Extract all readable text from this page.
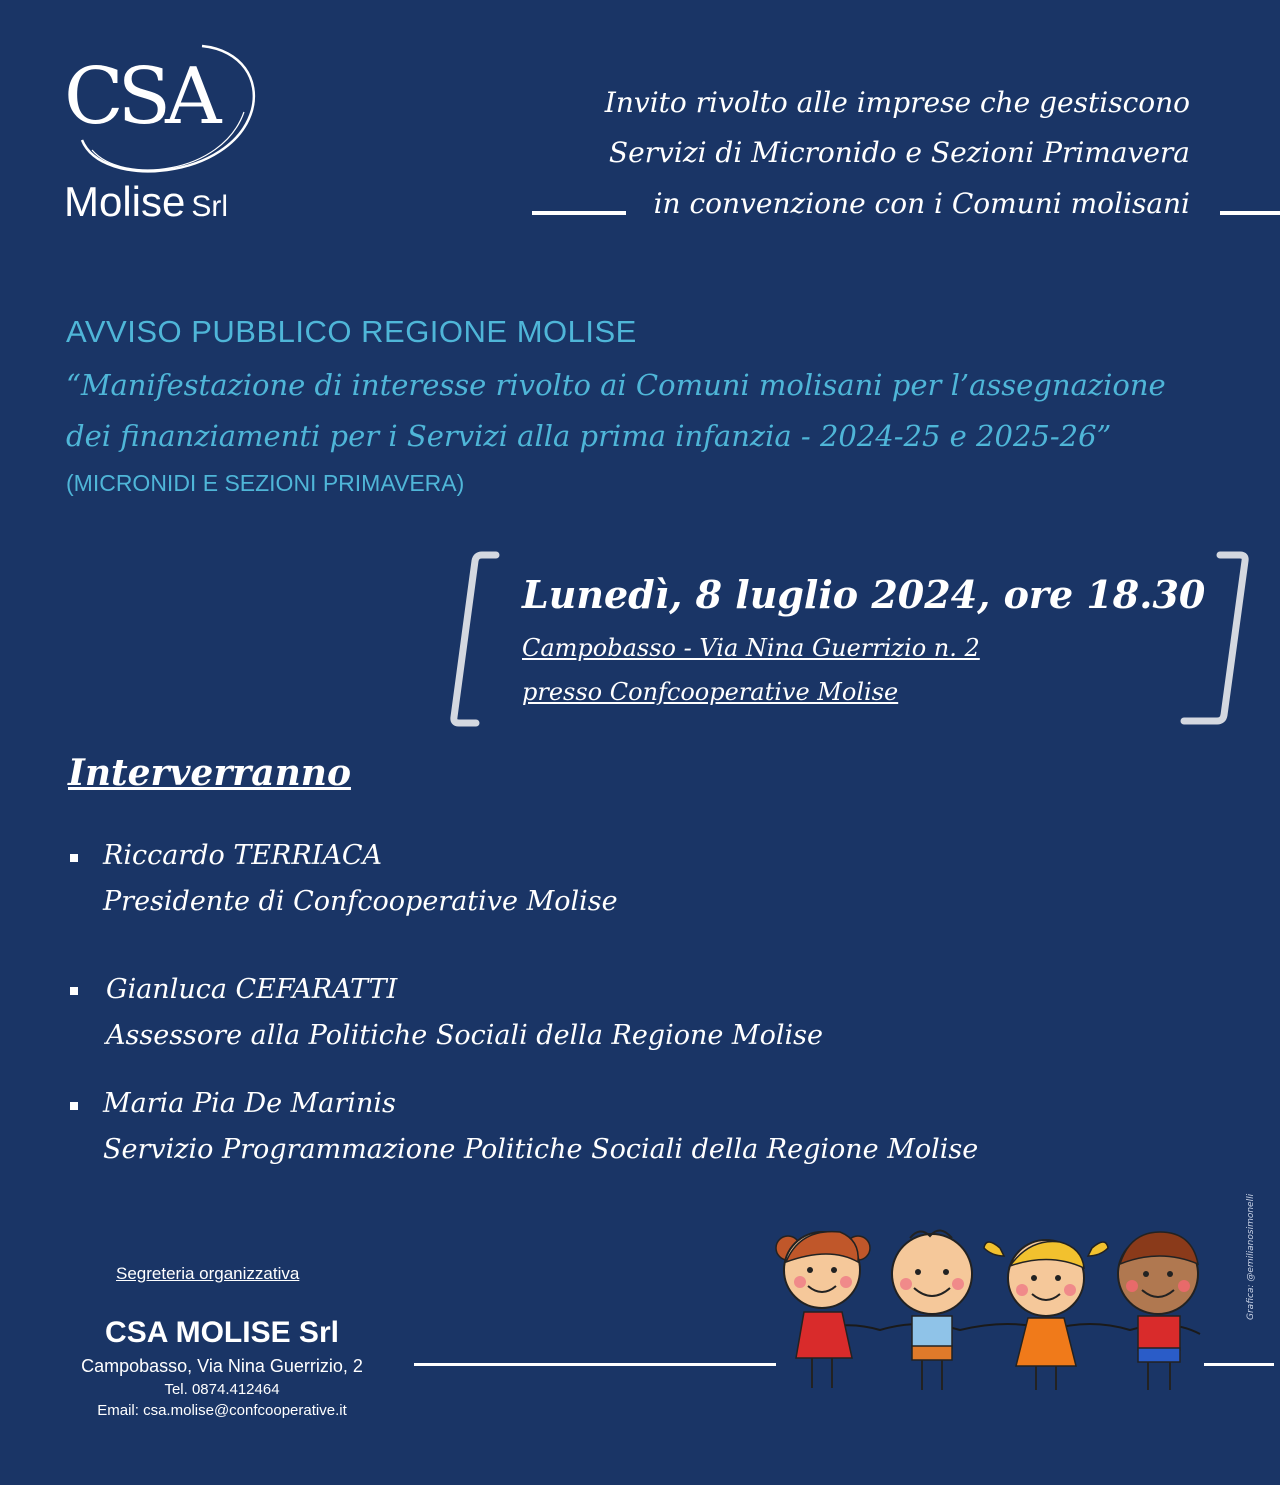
CSA
Molise Srl
Invito rivolto alle imprese che gestiscono
Servizi di Micronido e Sezioni Primavera
in convenzione con i Comuni molisani
AVVISO PUBBLICO REGIONE MOLISE
“Manifestazione di interesse rivolto ai Comuni molisani per l’assegnazione
dei finanziamenti per i Servizi alla prima infanzia - 2024-25 e 2025-26”
(MICRONIDI E SEZIONI PRIMAVERA)
Lunedì, 8 luglio 2024, ore 18.30
Campobasso - Via Nina Guerrizio n. 2
presso Confcooperative Molise
Interverranno
Riccardo TERRIACA
Presidente di Confcooperative Molise
Gianluca CEFARATTI
Assessore alla Politiche Sociali della Regione Molise
Maria Pia De Marinis
Servizio Programmazione Politiche Sociali della Regione Molise
Segreteria organizzativa
CSA MOLISE Srl
Campobasso, Via Nina Guerrizio, 2
Tel. 0874.412464
Email: csa.molise@confcooperative.it
Grafica: @emilianosimonelli
